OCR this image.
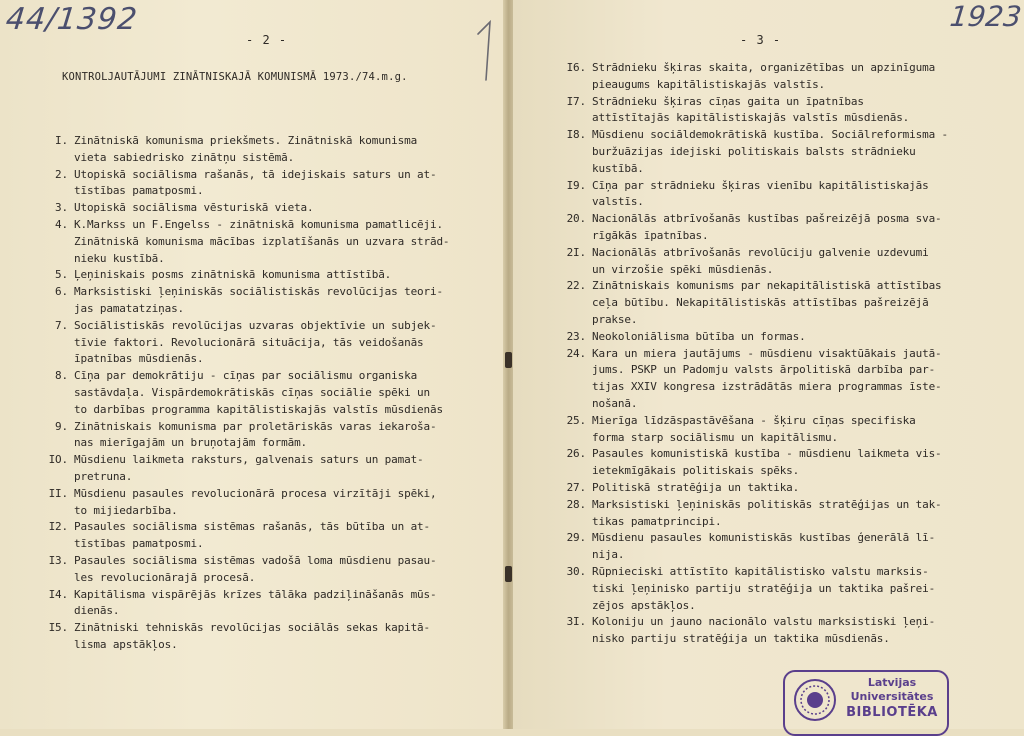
44/1392
- 2 -
KONTROLJAUTĀJUMI ZINĀTNISKAJĀ KOMUNISMĀ 1973./74.m.g.
I. Zinātniskā komunisma priekšmets. Zinātniskā komunisma
vieta sabiedrisko zinātņu sistēmā.
2. Utopiskā sociālisma rašanās, tā idejiskais saturs un at-
tīstības pamatposmi.
3. Utopiskā sociālisma vēsturiskā vieta.
4. K.Markss un F.Engelss - zinātniskā komunisma pamatlicēji.
Zinātniskā komunisma mācības izplatīšanās un uzvara strād-
nieku kustībā.
5. Ļeņiniskais posms zinātniskā komunisma attīstībā.
6. Marksistiski ļeņiniskās sociālistiskās revolūcijas teori-
jas pamatatziņas.
7. Sociālistiskās revolūcijas uzvaras objektīvie un subjek-
tīvie faktori. Revolucionārā situācija, tās veidošanās
īpatnības mūsdienās.
8. Cīņa par demokrātiju - cīņas par sociālismu organiska
sastāvdaļa. Vispārdemokrātiskās cīņas sociālie spēki un
to darbības programma kapitālistiskajās valstīs mūsdienās
9. Zinātniskais komunisma par proletāriskās varas iekaroša-
nas mierīgajām un bruņotajām formām.
IO. Mūsdienu laikmeta raksturs, galvenais saturs un pamat-
pretruna.
II. Mūsdienu pasaules revolucionārā procesa virzītāji spēki,
to mijiedarbība.
I2. Pasaules sociālisma sistēmas rašanās, tās būtība un at-
tīstības pamatposmi.
I3. Pasaules sociālisma sistēmas vadošā loma mūsdienu pasau-
les revolucionārajā procesā.
I4. Kapitālisma vispārējās krīzes tālāka padziļināšanās mūs-
dienās.
I5. Zinātniski tehniskās revolūcijas sociālās sekas kapitā-
lisma apstākļos.
1923
- 3 -
I6. Strādnieku šķiras skaita, organizētības un apzinīguma
pieaugums kapitālistiskajās valstīs.
I7. Strādnieku šķiras cīņas gaita un īpatnības
attīstītajās kapitālistiskajās valstīs mūsdienās.
I8. Mūsdienu sociāldemokrātiskā kustība. Sociālreformisma -
buržuāzijas idejiski politiskais balsts strādnieku
kustībā.
I9. Cīņa par strādnieku šķiras vienību kapitālistiskajās
valstīs.
20. Nacionālās atbrīvošanās kustības pašreizējā posma sva-
rīgākās īpatnības.
2I. Nacionālās atbrīvošanās revolūciju galvenie uzdevumi
un virzošie spēki mūsdienās.
22. Zinātniskais komunisms par nekapitālistiskā attīstības
ceļa būtību. Nekapitālistiskās attīstības pašreizējā
prakse.
23. Neokoloniālisma būtība un formas.
24. Kara un miera jautājums - mūsdienu visaktūākais jautā-
jums. PSKP un Padomju valsts ārpolitiskā darbība par-
tijas XXIV kongresa izstrādātās miera programmas īste-
nošanā.
25. Mierīga līdzāspastāvēšana - šķiru cīņas specifiska
forma starp sociālismu un kapitālismu.
26. Pasaules komunistiskā kustība - mūsdienu laikmeta vis-
ietekmīgākais politiskais spēks.
27. Politiskā stratēģija un taktika.
28. Marksistiski ļeņiniskās politiskās stratēģijas un tak-
tikas pamatprincipi.
29. Mūsdienu pasaules komunistiskās kustības ģenerālā lī-
nija.
30. Rūpnieciski attīstīto kapitālistisko valstu marksis-
tiski ļeņiniskо partiju stratēģija un taktika pašrei-
zējos apstākļos.
3I. Koloniju un jauno nacionālo valstu marksistiski ļeņi-
nisko partiju stratēģija un taktika mūsdienās.
Latvijas
Universitātes
BIBLIOTĒKA
